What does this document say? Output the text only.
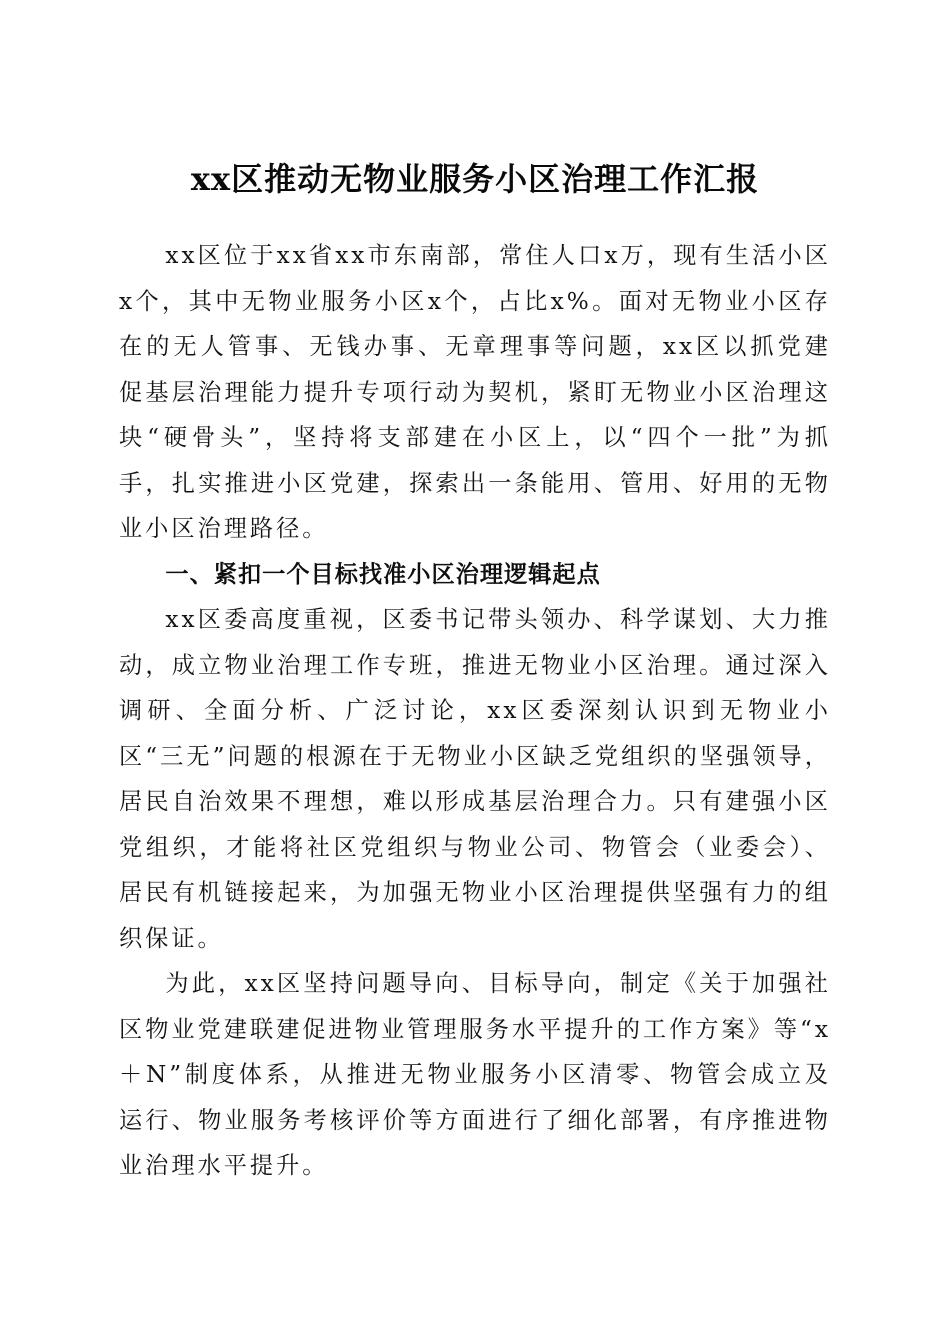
xx区推动无物业服务小区治理工作汇报

xx区位于xx省xx市东南部，常住人口x万，现有生活小区x个，其中无物业服务小区x个，占比x%。面对无物业小区存在的无人管事、无钱办事、无章理事等问题，xx区以抓党建促基层治理能力提升专项行动为契机，紧盯无物业小区治理这块“硬骨头”，坚持将支部建在小区上，以“四个一批”为抓手，扎实推进小区党建，探索出一条能用、管用、好用的无物业小区治理路径。

一、紧扣一个目标找准小区治理逻辑起点

xx区委高度重视，区委书记带头领办、科学谋划、大力推动，成立物业治理工作专班，推进无物业小区治理。通过深入调研、全面分析、广泛讨论，xx区委深刻认识到无物业小区“三无”问题的根源在于无物业小区缺乏党组织的坚强领导，居民自治效果不理想，难以形成基层治理合力。只有建强小区党组织，才能将社区党组织与物业公司、物管会（业委会）、居民有机链接起来，为加强无物业小区治理提供坚强有力的组织保证。

为此，xx区坚持问题导向、目标导向，制定《关于加强社区物业党建联建促进物业管理服务水平提升的工作方案》等“x＋N”制度体系，从推进无物业服务小区清零、物管会成立及运行、物业服务考核评价等方面进行了细化部署，有序推进物业治理水平提升。
